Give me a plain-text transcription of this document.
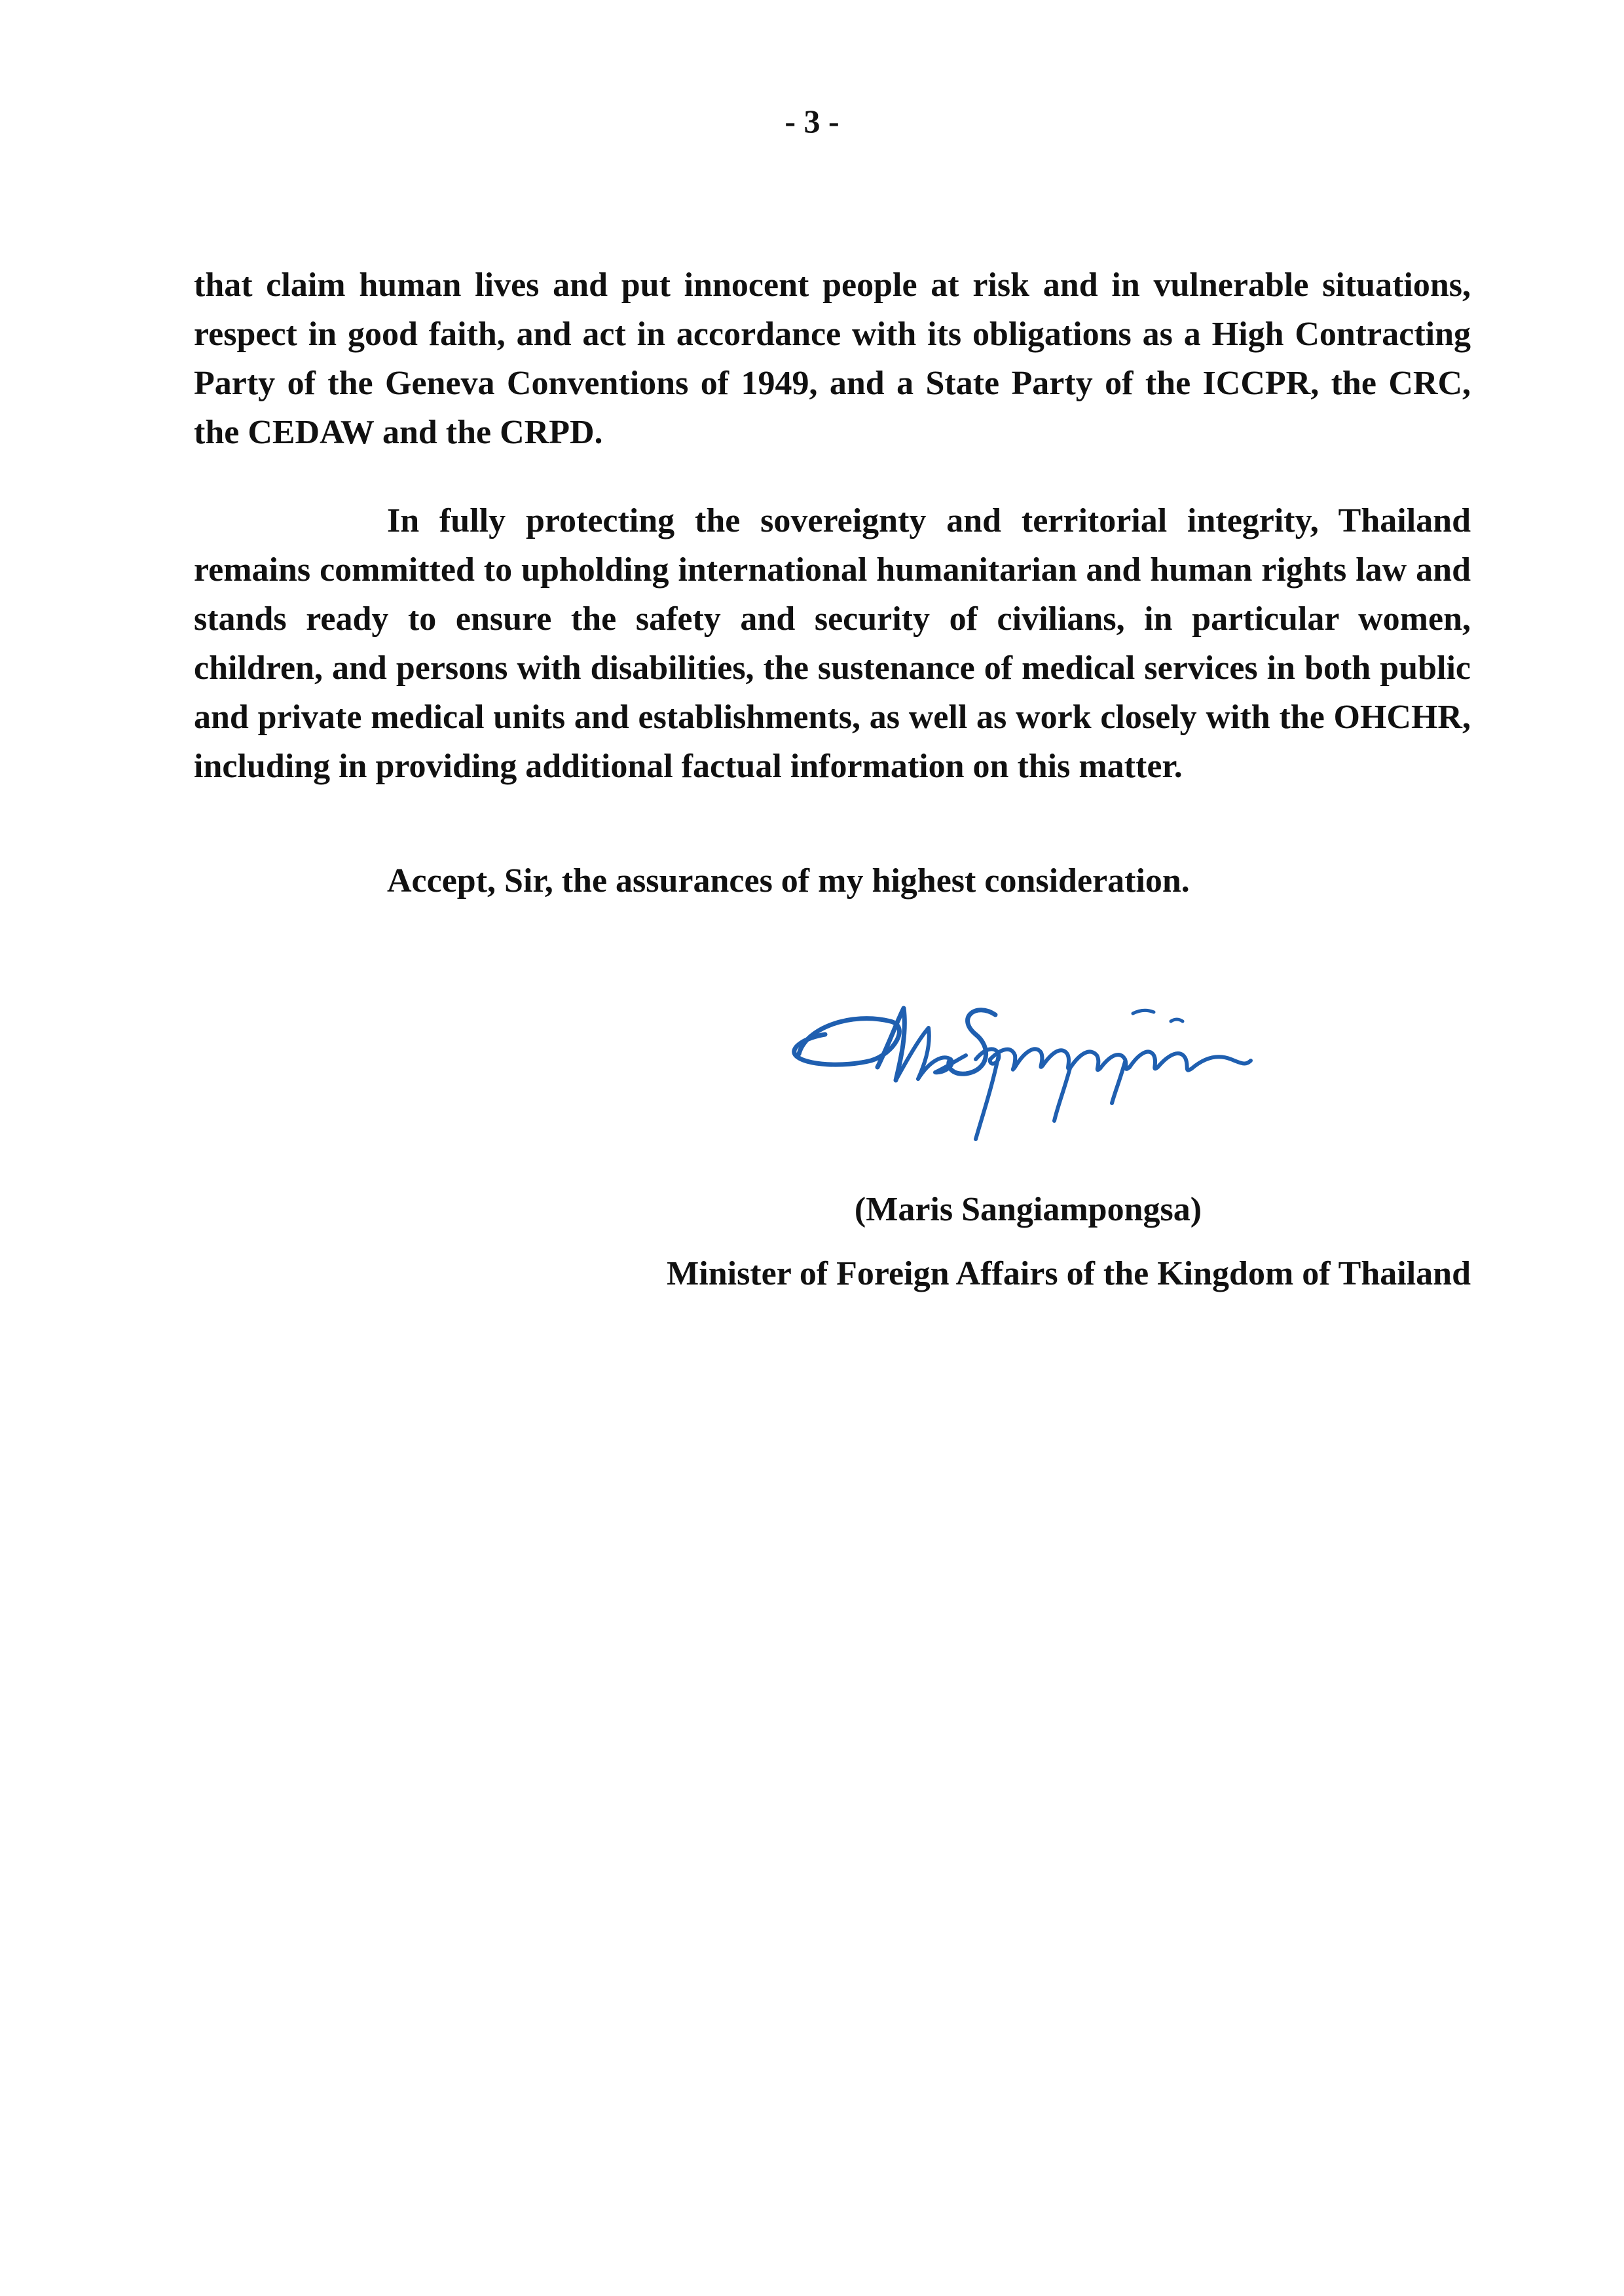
- 3 -

that claim human lives and put innocent people at risk and in vulnerable situations, respect in good faith, and act in accordance with its obligations as a High Contracting Party of the Geneva Conventions of 1949, and a State Party of the ICCPR, the CRC, the CEDAW and the CRPD.

In fully protecting the sovereignty and territorial integrity, Thailand remains committed to upholding international humanitarian and human rights law and stands ready to ensure the safety and security of civilians, in particular women, children, and persons with disabilities, the sustenance of medical services in both public and private medical units and establishments, as well as work closely with the OHCHR, including in providing additional factual information on this matter.

Accept, Sir, the assurances of my highest consideration.

(Maris Sangiampongsa)
Minister of Foreign Affairs of the Kingdom of Thailand
